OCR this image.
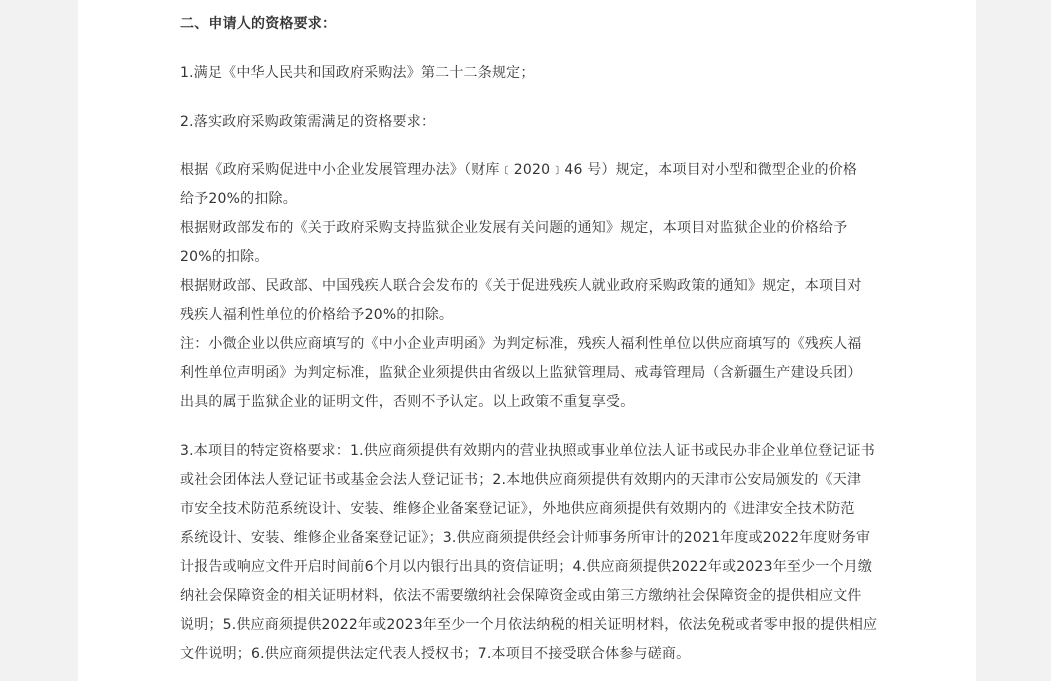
二、申请人的资格要求：
1.满足《中华人民共和国政府采购法》第二十二条规定；
2.落实政府采购政策需满足的资格要求：
根据《政府采购促进中小企业发展管理办法》（财库﹝2020﹞46 号）规定，本项目对小型和微型企业的价格
给予20%的扣除。
根据财政部发布的《关于政府采购支持监狱企业发展有关问题的通知》规定，本项目对监狱企业的价格给予
20%的扣除。
根据财政部、民政部、中国残疾人联合会发布的《关于促进残疾人就业政府采购政策的通知》规定，本项目对
残疾人福利性单位的价格给予20%的扣除。
注：小微企业以供应商填写的《中小企业声明函》为判定标准，残疾人福利性单位以供应商填写的《残疾人福
利性单位声明函》为判定标准，监狱企业须提供由省级以上监狱管理局、戒毒管理局（含新疆生产建设兵团）
出具的属于监狱企业的证明文件，否则不予认定。以上政策不重复享受。
3.本项目的特定资格要求：1.供应商须提供有效期内的营业执照或事业单位法人证书或民办非企业单位登记证书
或社会团体法人登记证书或基金会法人登记证书；2.本地供应商须提供有效期内的天津市公安局颁发的《天津
市安全技术防范系统设计、安装、维修企业备案登记证》，外地供应商须提供有效期内的《进津安全技术防范
系统设计、安装、维修企业备案登记证》；3.供应商须提供经会计师事务所审计的2021年度或2022年度财务审
计报告或响应文件开启时间前6个月以内银行出具的资信证明；4.供应商须提供2022年或2023年至少一个月缴
纳社会保障资金的相关证明材料，依法不需要缴纳社会保障资金或由第三方缴纳社会保障资金的提供相应文件
说明；5.供应商须提供2022年或2023年至少一个月依法纳税的相关证明材料，依法免税或者零申报的提供相应
文件说明；6.供应商须提供法定代表人授权书；7.本项目不接受联合体参与磋商。
